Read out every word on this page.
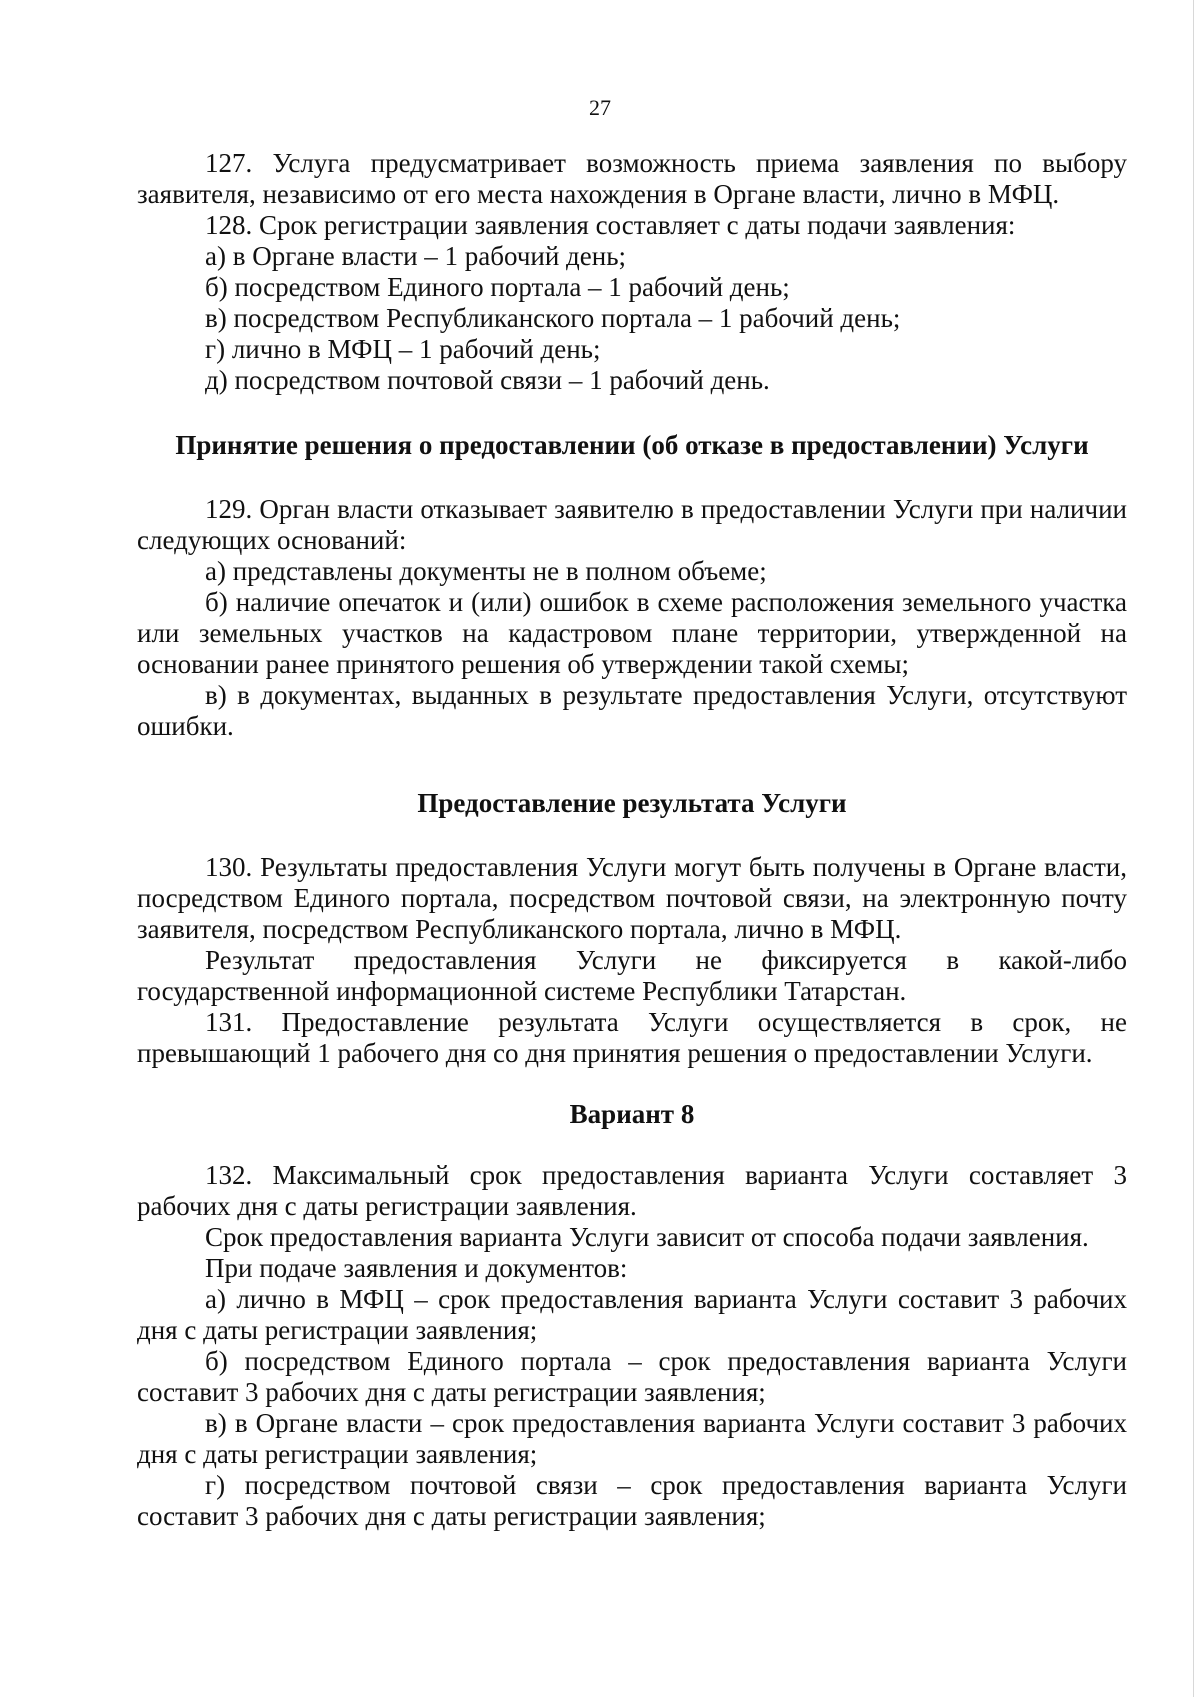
27

127. Услуга предусматривает возможность приема заявления по выбору заявителя, независимо от его места нахождения в Органе власти, лично в МФЦ.

128. Срок регистрации заявления составляет с даты подачи заявления:

а) в Органе власти – 1 рабочий день;

б) посредством Единого портала – 1 рабочий день;

в) посредством Республиканского портала – 1 рабочий день;

г) лично в МФЦ – 1 рабочий день;

д) посредством почтовой связи – 1 рабочий день.

Принятие решения о предоставлении (об отказе в предоставлении) Услуги

129. Орган власти отказывает заявителю в предоставлении Услуги при наличии следующих оснований:

а) представлены документы не в полном объеме;

б) наличие опечаток и (или) ошибок в схеме расположения земельного участка или земельных участков на кадастровом плане территории, утвержденной на основании ранее принятого решения об утверждении такой схемы;

в) в документах, выданных в результате предоставления Услуги, отсутствуют ошибки.

Предоставление результата Услуги

130. Результаты предоставления Услуги могут быть получены в Органе власти, посредством Единого портала, посредством почтовой связи, на электронную почту заявителя, посредством Республиканского портала, лично в МФЦ.

Результат предоставления Услуги не фиксируется в какой-либо государственной информационной системе Республики Татарстан.

131. Предоставление результата Услуги осуществляется в срок, не превышающий 1 рабочего дня со дня принятия решения о предоставлении Услуги.

Вариант 8

132. Максимальный срок предоставления варианта Услуги составляет 3 рабочих дня с даты регистрации заявления.

Срок предоставления варианта Услуги зависит от способа подачи заявления.

При подаче заявления и документов:

а) лично в МФЦ – срок предоставления варианта Услуги составит 3 рабочих дня с даты регистрации заявления;

б) посредством Единого портала – срок предоставления варианта Услуги составит 3 рабочих дня с даты регистрации заявления;

в) в Органе власти – срок предоставления варианта Услуги составит 3 рабочих дня с даты регистрации заявления;

г) посредством почтовой связи – срок предоставления варианта Услуги составит 3 рабочих дня с даты регистрации заявления;
